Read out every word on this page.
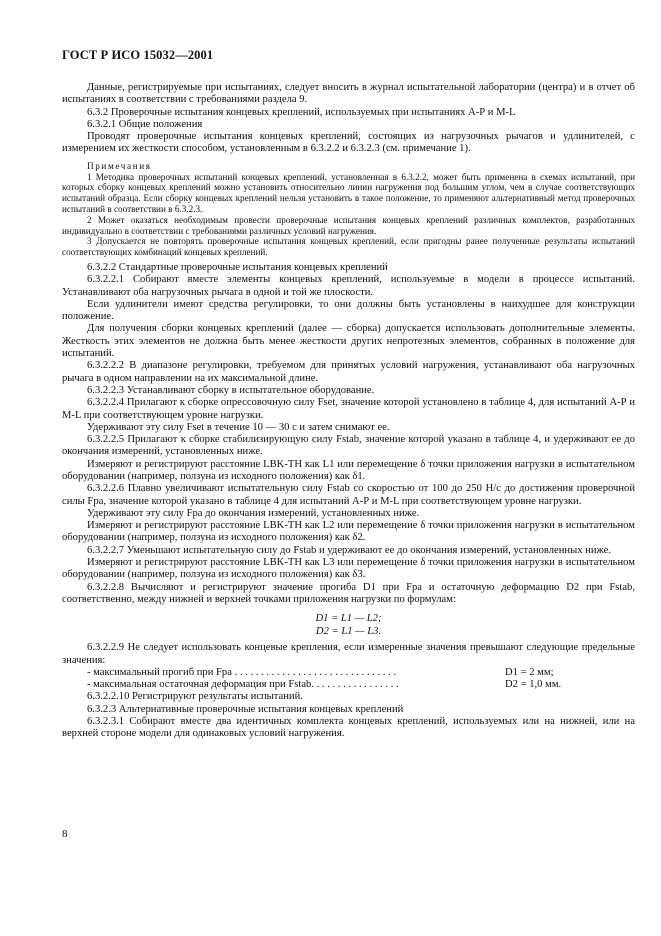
ГОСТ Р ИСО 15032—2001

Данные, регистрируемые при испытаниях, следует вносить в журнал испытательной лаборатории (центра) и в отчет об испытаниях в соответствии с требованиями раздела 9.

6.3.2 Проверочные испытания концевых креплений, используемых при испытаниях А-Р и М-L

6.3.2.1 Общие положения

Проводят проверочные испытания концевых креплений, состоящих из нагрузочных рычагов и удлинителей, с измерением их жесткости способом, установленным в 6.3.2.2 и 6.3.2.3 (см. примечание 1).

Примечания

1 Методика проверочных испытаний концевых креплений, установленная в 6.3.2.2, может быть применена в схемах испытаний, при которых сборку концевых креплений можно установить относительно линии нагружения под большим углом, чем в случае соответствующих испытаний образца. Если сборку концевых креплений нельзя установить в такое положение, то применяют альтернативный метод проверочных испытаний в соответствии в 6.3.2.3.

2 Может оказаться необходимым провести проверочные испытания концевых креплений различных комплектов, разработанных индивидуально в соответствии с требованиями различных условий нагружения.

3 Допускается не повторять проверочные испытания концевых креплений, если пригодны ранее полученные результаты испытаний соответствующих комбинаций концевых креплений.

6.3.2.2 Стандартные проверочные испытания концевых креплений

6.3.2.2.1 Собирают вместе элементы концевых креплений, используемые в модели в процессе испытаний. Устанавливают оба нагрузочных рычага в одной и той же плоскости.

Если удлинители имеют средства регулировки, то они должны быть установлены в наихудшее для конструкции положение.

Для получения сборки концевых креплений (далее — сборка) допускается использовать дополнительные элементы. Жесткость этих элементов не должна быть менее жесткости других непротезных элементов, собранных в положение для испытаний.

6.3.2.2.2 В диапазоне регулировки, требуемом для принятых условий нагружения, устанавливают оба нагрузочных рычага в одном направлении на их максимальной длине.

6.3.2.2.3 Устанавливают сборку в испытательное оборудование.

6.3.2.2.4 Прилагают к сборке опрессовочную силу Fset, значение которой установлено в таблице 4, для испытаний А-Р и М-L при соответствующем уровне нагрузки.

Удерживают эту силу Fset в течение 10 — 30 с и затем снимают ее.

6.3.2.2.5 Прилагают к сборке стабилизирующую силу Fstab, значение которой указано в таблице 4, и удерживают ее до окончания измерений, установленных ниже.

Измеряют и регистрируют расстояние LBK-TH как L1 или перемещение δ точки приложения нагрузки в испытательном оборудовании (например, ползуна из исходного положения) как δ1.

6.3.2.2.6 Плавно увеличивают испытательную силу Fstab со скоростью от 100 до 250 Н/с до достижения проверочной силы Fpa, значение которой указано в таблице 4 для испытаний А-Р и М-L при соответствующем уровне нагрузки.

Удерживают эту силу Fpa до окончания измерений, установленных ниже.

Измеряют и регистрируют расстояние LBK-TH как L2 или перемещение δ точки приложения нагрузки в испытательном оборудовании (например, ползуна из исходного положения) как δ2.

6.3.2.2.7 Уменьшают испытательную силу до Fstab и удерживают ее до окончания измерений, установленных ниже.

Измеряют и регистрируют расстояние LBK-TH как L3 или перемещение δ точки приложения нагрузки в испытательном оборудовании (например, ползуна из исходного положения) как δ3.

6.3.2.2.8 Вычисляют и регистрируют значение прогиба D1 при Fpa и остаточную деформацию D2 при Fstab, соответственно, между нижней и верхней точками приложения нагрузки по формулам:

D1 = L1 — L2;
D2 = L1 — L3.

6.3.2.2.9 Не следует использовать концевые крепления, если измеренные значения превышают следующие предельные значения:

- максимальный прогиб при Fpa . . . . . . . . . . . . . . . . . . . . . . . . . . . . . . .	D1 = 2 мм;
- максимальная остаточная деформация при Fstab. . . . . . . . . . . . . . . . .	D2 = 1,0 мм.

6.3.2.2.10 Регистрируют результаты испытаний.

6.3.2.3 Альтернативные проверочные испытания концевых креплений

6.3.2.3.1 Собирают вместе два идентичных комплекта концевых креплений, используемых или на нижней, или на верхней стороне модели для одинаковых условий нагружения.

8
